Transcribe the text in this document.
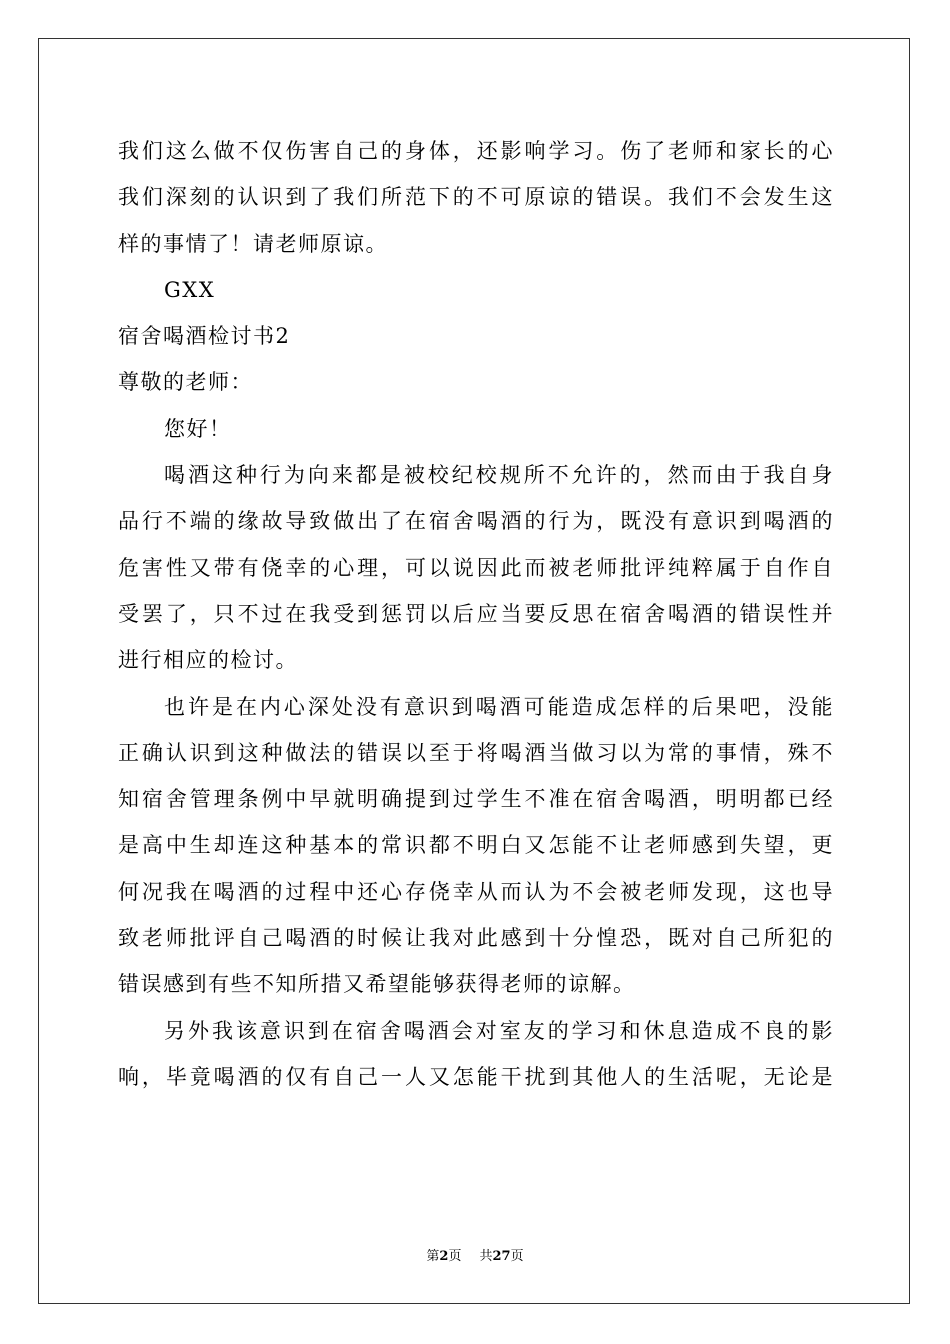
我们这么做不仅伤害自己的身体，还影响学习。伤了老师和家长的心
我们深刻的认识到了我们所范下的不可原谅的错误。我们不会发生这
样的事情了！请老师原谅。
GXX
宿舍喝酒检讨书2
尊敬的老师：
您好！
喝酒这种行为向来都是被校纪校规所不允许的，然而由于我自身
品行不端的缘故导致做出了在宿舍喝酒的行为，既没有意识到喝酒的
危害性又带有侥幸的心理，可以说因此而被老师批评纯粹属于自作自
受罢了，只不过在我受到惩罚以后应当要反思在宿舍喝酒的错误性并
进行相应的检讨。
也许是在内心深处没有意识到喝酒可能造成怎样的后果吧，没能
正确认识到这种做法的错误以至于将喝酒当做习以为常的事情，殊不
知宿舍管理条例中早就明确提到过学生不准在宿舍喝酒，明明都已经
是高中生却连这种基本的常识都不明白又怎能不让老师感到失望，更
何况我在喝酒的过程中还心存侥幸从而认为不会被老师发现，这也导
致老师批评自己喝酒的时候让我对此感到十分惶恐，既对自己所犯的
错误感到有些不知所措又希望能够获得老师的谅解。
另外我该意识到在宿舍喝酒会对室友的学习和休息造成不良的影
响，毕竟喝酒的仅有自己一人又怎能干扰到其他人的生活呢，无论是
第2页 共27页
